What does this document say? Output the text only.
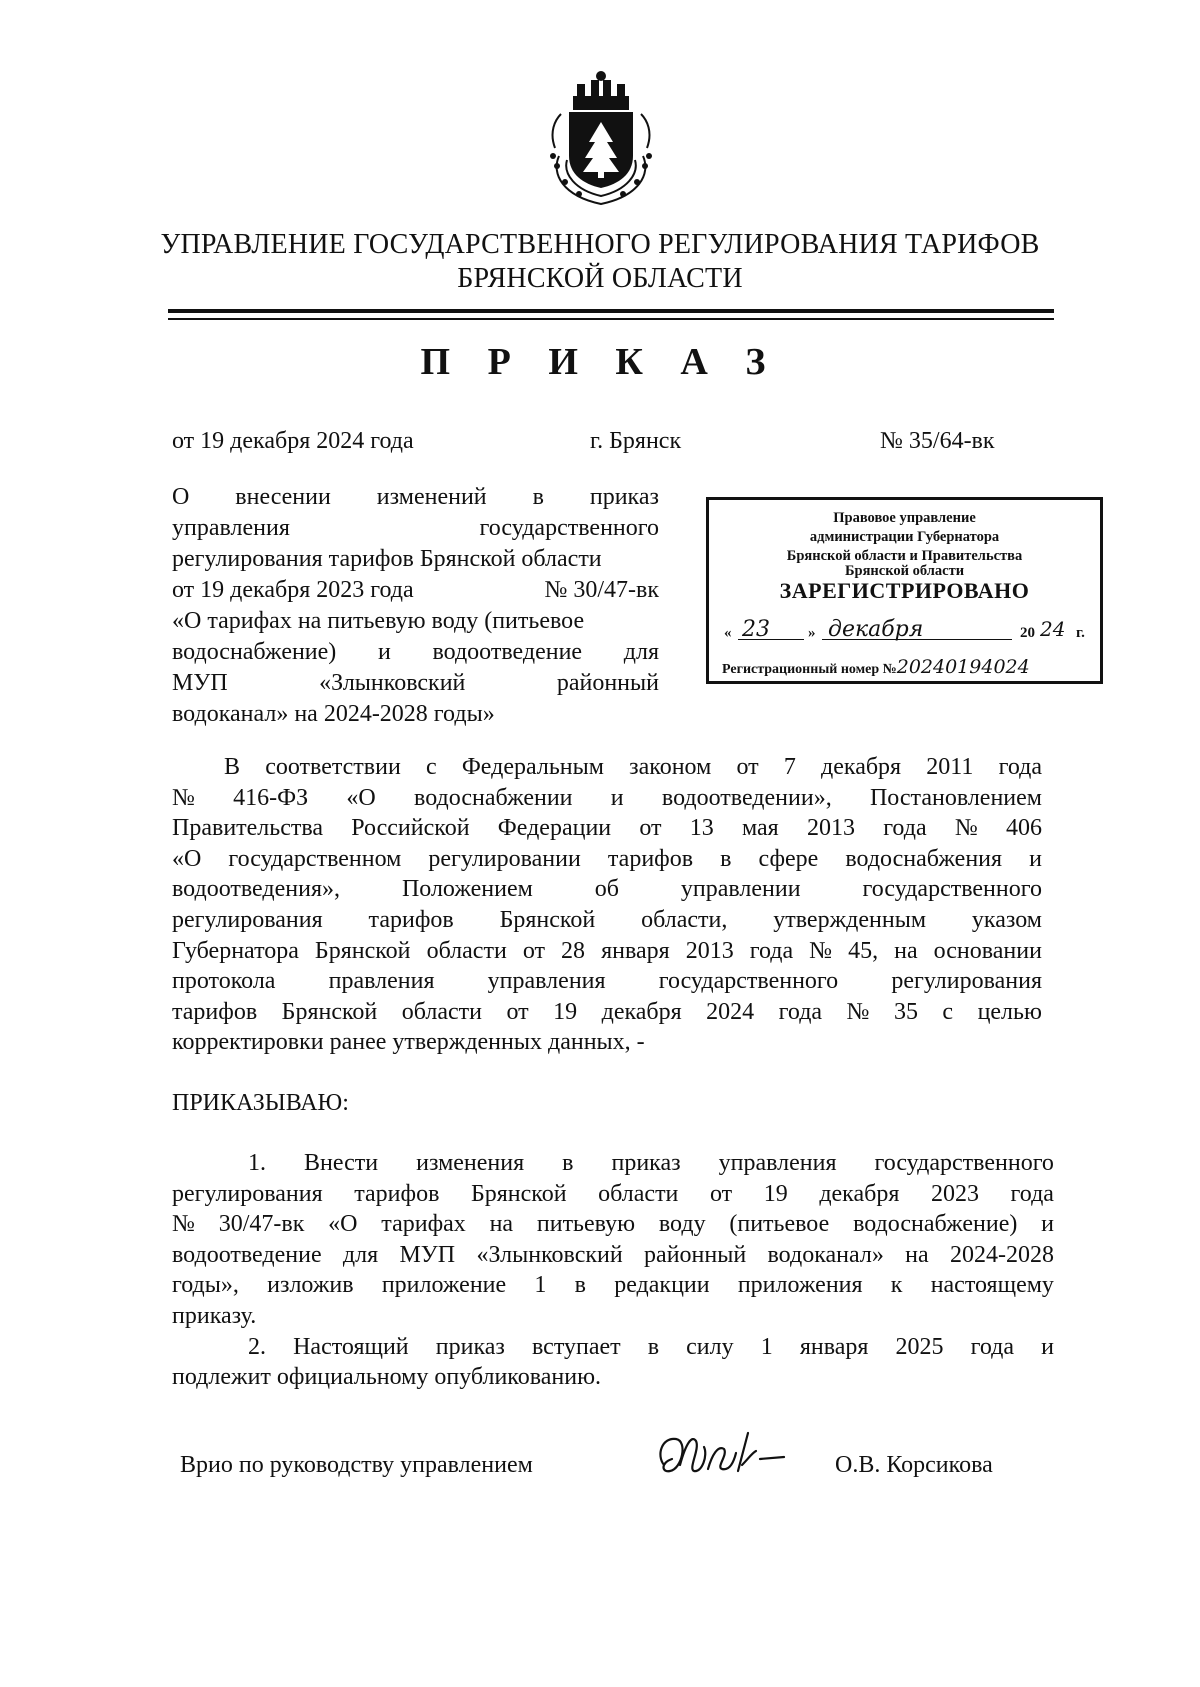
УПРАВЛЕНИЕ ГОСУДАРСТВЕННОГО РЕГУЛИРОВАНИЯ ТАРИФОВ
БРЯНСКОЙ ОБЛАСТИ
П Р И К А З
от 19 декабря 2024 года	г. Брянск	№ 35/64-вк
О внесении изменений в приказ
управления	государственного
регулирования тарифов Брянской области
от 19 декабря 2023 года	№ 30/47-вк
«О тарифах на питьевую воду (питьевое
водоснабжение) и водоотведение для
МУП	«Злынковский	районный
водоканал» на 2024-2028 годы»
Правовое управление
администрации Губернатора
Брянской области и Правительства
Брянской области
ЗАРЕГИСТРИРОВАНО
« 23	» декабря	20 24 г.
Регистрационный номер №20240194024
В соответствии с Федеральным законом от 7 декабря 2011 года
№ 416-ФЗ «О водоснабжении и водоотведении», Постановлением
Правительства Российской Федерации от 13 мая 2013 года № 406
«О государственном регулировании тарифов в сфере водоснабжения и
водоотведения»,	Положением	об	управлении	государственного
регулирования тарифов Брянской области, утвержденным указом
Губернатора Брянской области от 28 января 2013 года № 45, на основании
протокола правления управления государственного регулирования
тарифов Брянской области от 19 декабря 2024 года № 35 с целью
корректировки ранее утвержденных данных, -
ПРИКАЗЫВАЮ:
1. Внести изменения в приказ управления государственного
регулирования тарифов Брянской области от 19 декабря 2023 года
№ 30/47-вк «О тарифах на питьевую воду (питьевое водоснабжение) и
водоотведение для МУП «Злынковский районный водоканал» на 2024-2028
годы», изложив приложение 1 в редакции приложения к настоящему
приказу.
2. Настоящий приказ вступает в силу 1 января 2025 года и
подлежит официальному опубликованию.
Врио по руководству управлением	О.В. Корсикова
